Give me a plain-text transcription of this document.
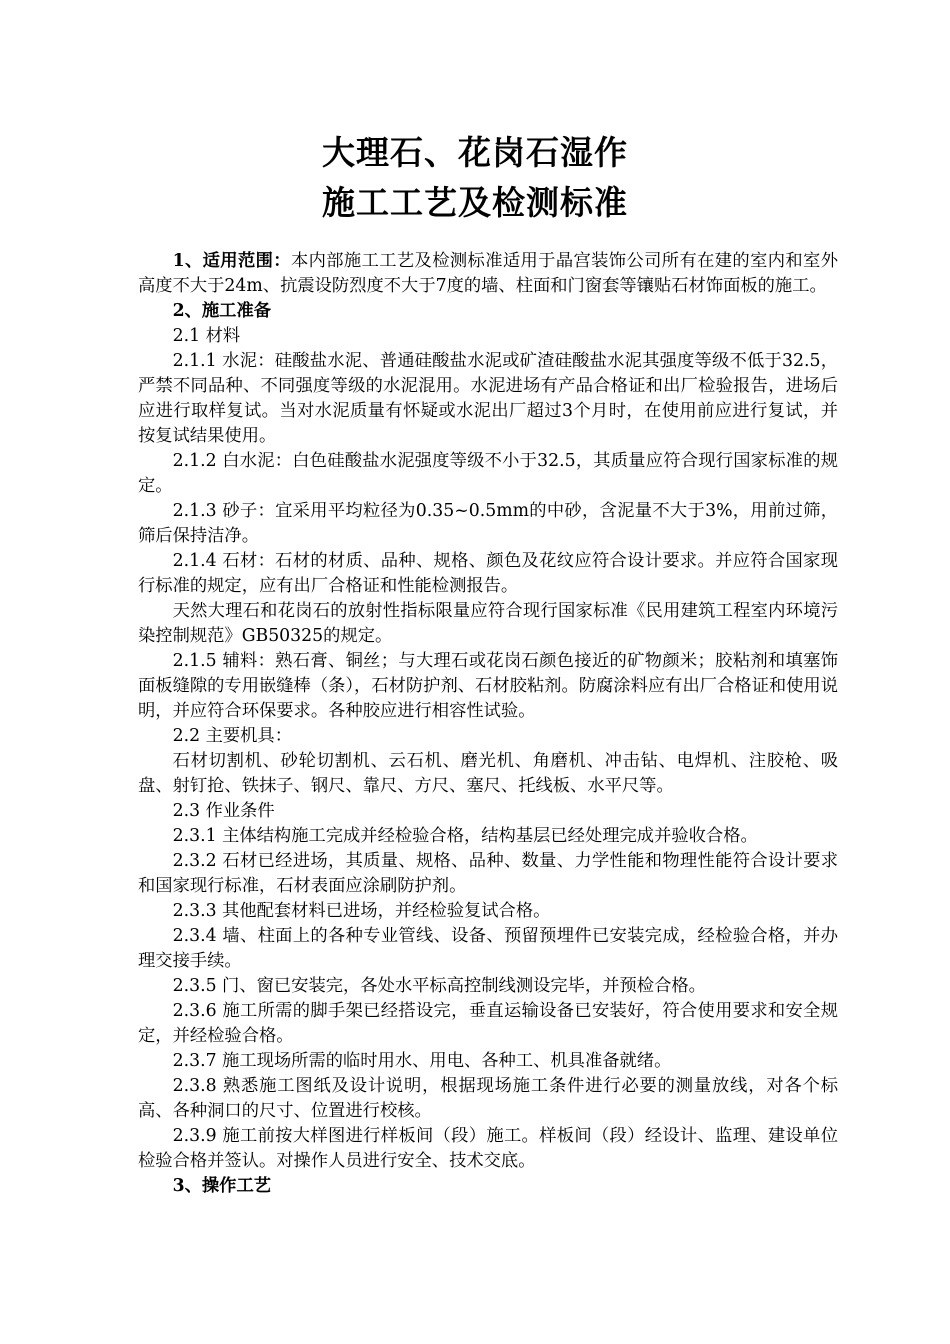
大理石、花岗石湿作
施工工艺及检测标准

1、适用范围：本内部施工工艺及检测标准适用于晶宫装饰公司所有在建的室内和室外高度不大于24m、抗震设防烈度不大于7度的墙、柱面和门窗套等镶贴石材饰面板的施工。

2、施工准备

2.1 材料

2.1.1 水泥：硅酸盐水泥、普通硅酸盐水泥或矿渣硅酸盐水泥其强度等级不低于32.5，严禁不同品种、不同强度等级的水泥混用。水泥进场有产品合格证和出厂检验报告，进场后应进行取样复试。当对水泥质量有怀疑或水泥出厂超过3个月时，在使用前应进行复试，并按复试结果使用。

2.1.2 白水泥：白色硅酸盐水泥强度等级不小于32.5，其质量应符合现行国家标准的规定。

2.1.3 砂子：宜采用平均粒径为0.35~0.5mm的中砂，含泥量不大于3%，用前过筛，筛后保持洁净。

2.1.4 石材：石材的材质、品种、规格、颜色及花纹应符合设计要求。并应符合国家现行标准的规定，应有出厂合格证和性能检测报告。

天然大理石和花岗石的放射性指标限量应符合现行国家标准《民用建筑工程室内环境污染控制规范》GB50325的规定。

2.1.5 辅料：熟石膏、铜丝；与大理石或花岗石颜色接近的矿物颜米；胶粘剂和填塞饰面板缝隙的专用嵌缝棒（条），石材防护剂、石材胶粘剂。防腐涂料应有出厂合格证和使用说明，并应符合环保要求。各种胶应进行相容性试验。

2.2 主要机具：

石材切割机、砂轮切割机、云石机、磨光机、角磨机、冲击钻、电焊机、注胶枪、吸盘、射钉抢、铁抹子、钢尺、靠尺、方尺、塞尺、托线板、水平尺等。

2.3 作业条件

2.3.1 主体结构施工完成并经检验合格，结构基层已经处理完成并验收合格。

2.3.2 石材已经进场，其质量、规格、品种、数量、力学性能和物理性能符合设计要求和国家现行标准，石材表面应涂刷防护剂。

2.3.3 其他配套材料已进场，并经检验复试合格。

2.3.4 墙、柱面上的各种专业管线、设备、预留预埋件已安装完成，经检验合格，并办理交接手续。

2.3.5 门、窗已安装完，各处水平标高控制线测设完毕，并预检合格。

2.3.6 施工所需的脚手架已经搭设完，垂直运输设备已安装好，符合使用要求和安全规定，并经检验合格。

2.3.7 施工现场所需的临时用水、用电、各种工、机具准备就绪。

2.3.8 熟悉施工图纸及设计说明，根据现场施工条件进行必要的测量放线，对各个标高、各种洞口的尺寸、位置进行校核。

2.3.9 施工前按大样图进行样板间（段）施工。样板间（段）经设计、监理、建设单位检验合格并签认。对操作人员进行安全、技术交底。

3、操作工艺
